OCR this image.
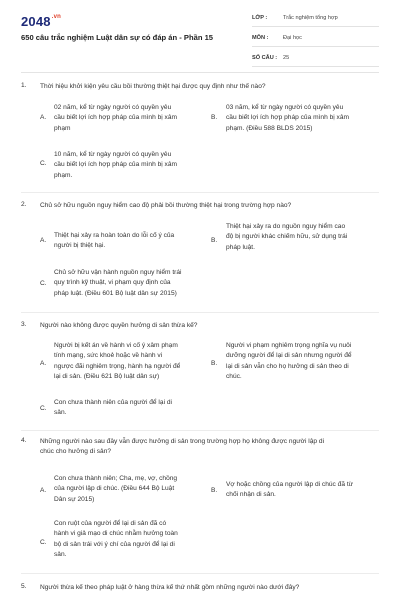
$2048^{.vn}$
650 câu trắc nghiệm Luật dân sự có đáp án - Phần 15
LỚP :	Trắc nghiệm tổng hợp
MÔN :	Đại học
SỐ CÂU : 25
1. Thời hiệu khởi kiện yêu cầu bồi thường thiệt hại được quy định như thế nào?
A.
02 năm, kể từ ngày người có quyền yêu
cầu biết lợi ích hợp pháp của mình bị xâm
phạm
B.
03 năm, kể từ ngày người có quyền yêu
cầu biết lợi ích hợp pháp của mình bị xâm
phạm. (Điều 588 BLDS 2015)
C.
10 năm, kể từ ngày người có quyền yêu
cầu biết lợi ích hợp pháp của mình bị xâm
phạm.
2. Chủ sở hữu nguồn nguy hiểm cao độ phải bồi thường thiệt hại trong trường hợp nào?
A.
Thiệt hại xảy ra hoàn toàn do lỗi cố ý của
người bị thiệt hại.
B.
Thiệt hại xảy ra do nguồn nguy hiểm cao
độ bị người khác chiếm hữu, sử dụng trái
pháp luật.
C.
Chủ sở hữu vận hành nguồn nguy hiểm trái
quy trình kỹ thuật, vi phạm quy định của
pháp luật. (Điều 601 Bộ luật dân sự 2015)
3. Người nào không được quyền hưởng di sản thừa kế?
A.
Người bị kết án về hành vi cố ý xâm phạm
tính mạng, sức khoẻ hoặc về hành vi
ngược đãi nghiêm trọng, hành hạ người để
lại di sản. (Điều 621 Bộ luật dân sự)
B.
Người vi phạm nghiêm trọng nghĩa vụ nuôi
dưỡng người để lại di sản nhưng người để
lại di sản vẫn cho họ hưởng di sản theo di
chúc.
C.
Con chưa thành niên của người để lại di
sản.
4. Những người nào sau đây vẫn được hưởng di sản trong trường hợp họ không được người lập di
chúc cho hưởng di sản?
A.
Con chưa thành niên; Cha, mẹ, vợ, chồng
của người lập di chúc. (Điều 644 Bộ Luật
Dân sự 2015)
B.
Vợ hoặc chồng của người lập di chúc đã từ
chối nhận di sản.
C.
Con ruột của người để lại di sản đã có
hành vi giả mạo di chúc nhằm hưởng toàn
bộ di sản trái với ý chí của người để lại di
sản.
5. Người thừa kế theo pháp luật ở hàng thừa kế thứ nhất gồm những người nào dưới đây?
